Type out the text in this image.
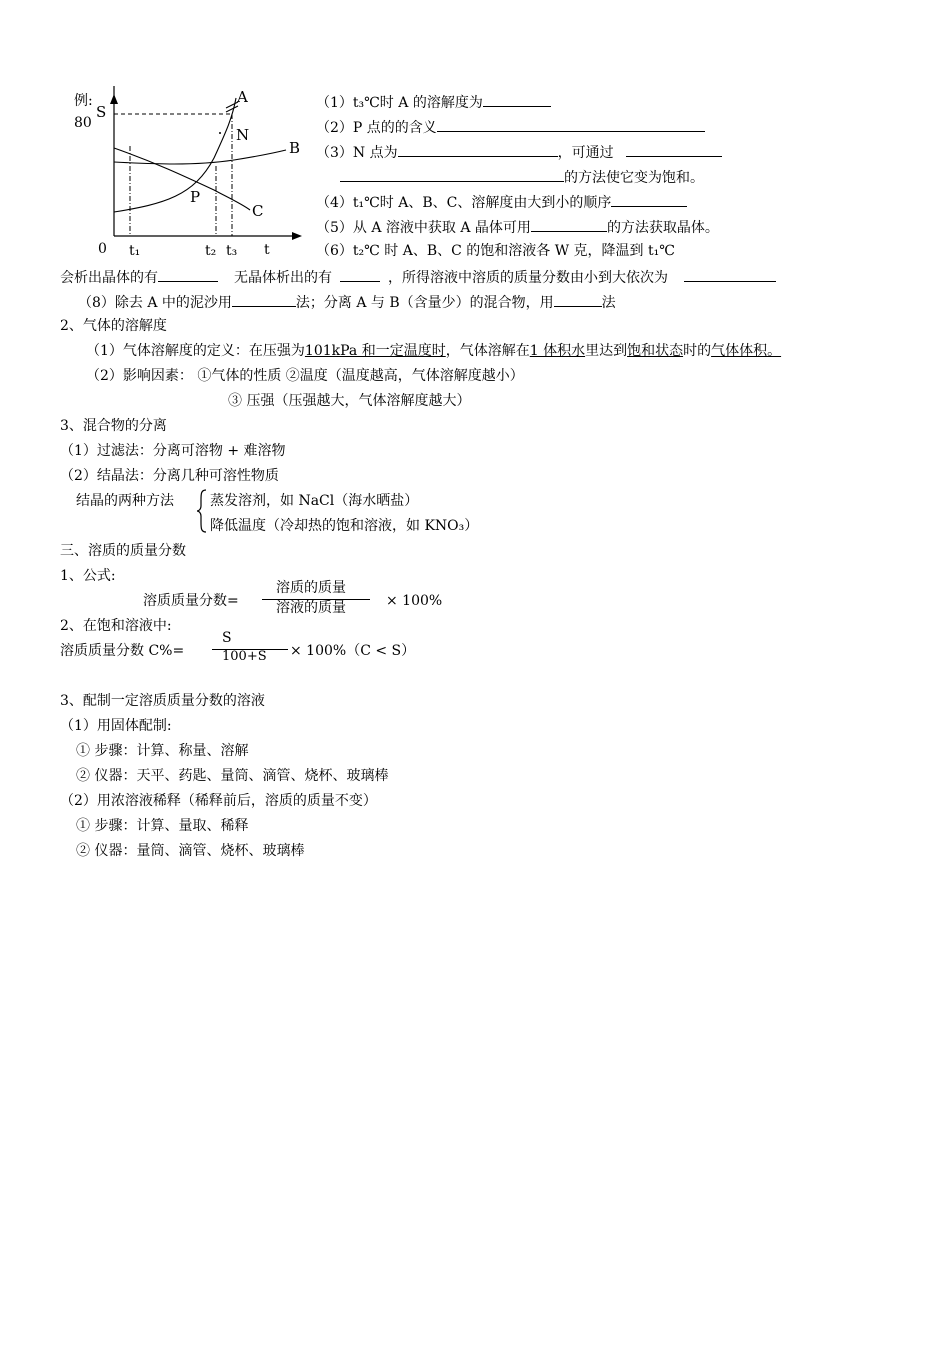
例:
S
80
0	t
t₁	t₂ t₃
A
N
B
P
C
（1）t₃℃时 A 的溶解度为
（2）P 点的的含义
（3）N 点为	，可通过
的方法使它变为饱和。
（4）t₁℃时 A、B、C、溶解度由大到小的顺序
（5）从 A 溶液中获取 A 晶体可用	的方法获取晶体。
（6）t₂℃ 时 A、B、C 的饱和溶液各 W 克，降温到 t₁℃
会析出晶体的有	无晶体析出的有	，所得溶液中溶质的质量分数由小到大依次为
（8）除去 A 中的泥沙用	法；分离 A 与 B（含量少）的混合物，用	法
2、气体的溶解度
（1）气体溶解度的定义：在压强为101kPa 和一定温度时，气体溶解在1 体积水里达到饱和状态时的气体体积。
（2）影响因素： ①气体的性质 ②温度（温度越高，气体溶解度越小）
③ 压强（压强越大，气体溶解度越大）
3、混合物的分离
（1）过滤法：分离可溶物 + 难溶物
（2）结晶法：分离几种可溶性物质
结晶的两种方法	蒸发溶剂，如 NaCl（海水晒盐）
降低温度（冷却热的饱和溶液，如 KNO₃）
三、溶质的质量分数
1、公式:
溶质质量分数=
溶质的质量
溶液的质量	× 100%
2、在饱和溶液中:
溶质质量分数 C%=
S
100+S × 100%（C < S）
3、配制一定溶质质量分数的溶液
（1）用固体配制:
① 步骤：计算、称量、溶解
② 仪器：天平、药匙、量筒、滴管、烧杯、玻璃棒
（2）用浓溶液稀释（稀释前后，溶质的质量不变）
① 步骤：计算、量取、稀释
② 仪器：量筒、滴管、烧杯、玻璃棒
